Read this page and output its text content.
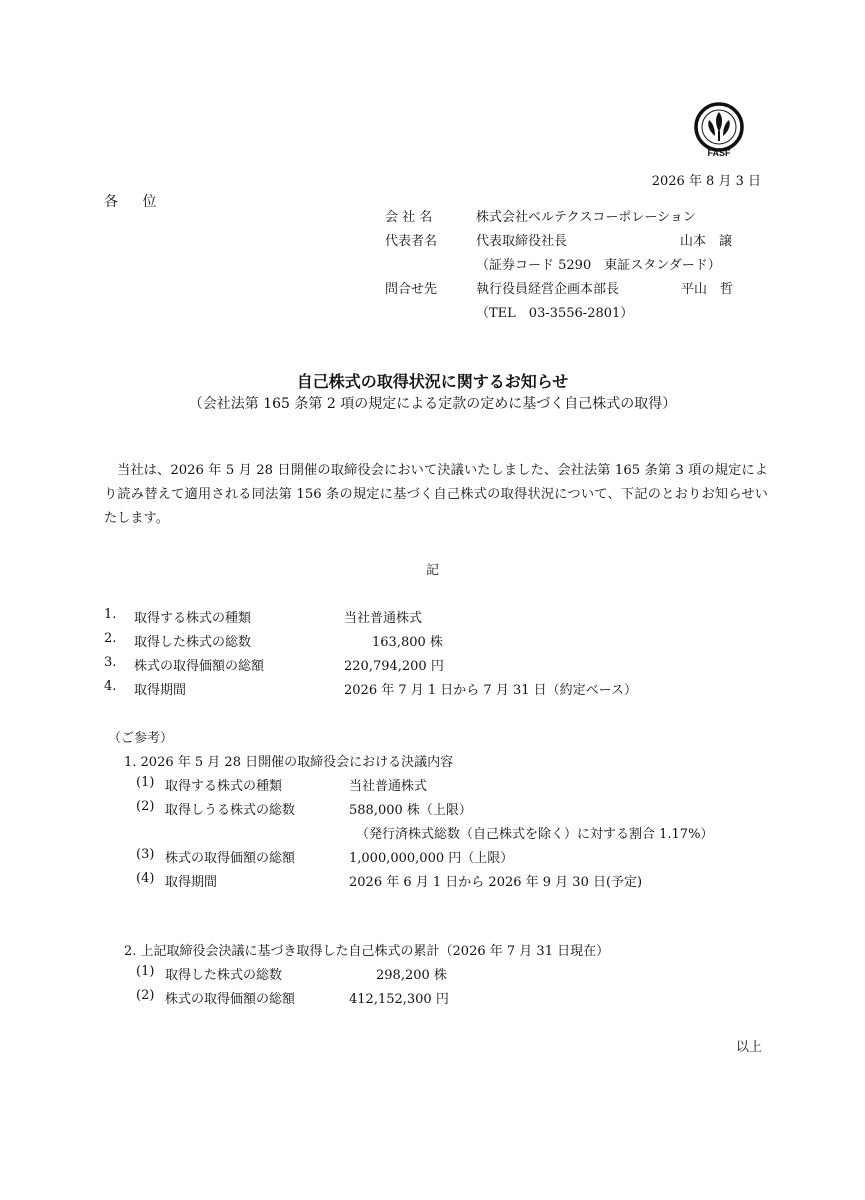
FASF
2026 年 8 月 3 日
各 位
会 社 名	株式会社ベルテクスコーポレーション
代表者名	代表取締役社長	山本　譲
（証券コード 5290　東証スタンダード）
問合せ先	執行役員経営企画本部長	平山　哲
（TEL　03-3556-2801）
自己株式の取得状況に関するお知らせ
（会社法第 165 条第 2 項の規定による定款の定めに基づく自己株式の取得）

当社は、2026 年 5 月 28 日開催の取締役会において決議いたしました、会社法第 165 条第 3 項の規定により読み替えて適用される同法第 156 条の規定に基づく自己株式の取得状況について、下記のとおりお知らせいたします。

記
1. 取得する株式の種類	当社普通株式
2. 取得した株式の総数	163,800 株
3. 株式の取得価額の総額	220,794,200 円
4. 取得期間	2026 年 7 月 1 日から 7 月 31 日（約定ベース）
（ご参考）
1. 2026 年 5 月 28 日開催の取締役会における決議内容
(1) 取得する株式の種類	当社普通株式
(2) 取得しうる株式の総数	588,000 株（上限）
（発行済株式総数（自己株式を除く）に対する割合 1.17%）
(3) 株式の取得価額の総額	1,000,000,000 円（上限）
(4) 取得期間	2026 年 6 月 1 日から 2026 年 9 月 30 日(予定)
2. 上記取締役会決議に基づき取得した自己株式の累計（2026 年 7 月 31 日現在）
(1) 取得した株式の総数	298,200 株
(2) 株式の取得価額の総額	412,152,300 円
以上
